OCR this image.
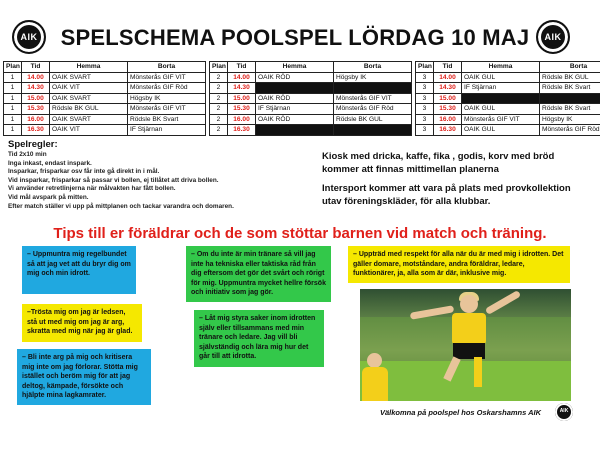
AIK SPELSCHEMA POOLSPEL LÖRDAG 10 MAJ	AIK
Plan	Tid	Hemma	Borta		Plan	Tid	Hemma	Borta		Plan	Tid	Hemma	Borta
1	14.00	OAIK SVART	Mönsterås GIF VIT		2	14.00	OAIK RÖD	Högsby IK		3	14.00	OAIK GUL	Rödsle BK GUL
1	14.30	OAIK VIT	Mönsterås GIF Röd		2	14.30				3	14.30	IF Stjärnan	Rödsle BK Svart
1	15.00	OAIK SVART	Högsby IK		2	15.00	OAIK RÖD	Mönsterås GIF VIT		3	15.00		
1	15.30	Rödsle BK GUL	Mönsterås GIF VIT		2	15.30	IF Stjärnan	Mönsterås GIF Röd		3	15.30	OAIK GUL	Rödsle BK Svart
1	16.00	OAIK SVART	Rödsle BK Svart		2	16.00	OAIK RÖD	Rödsle BK GUL		3	16.00	Mönsterås GIF VIT	Högsby IK
1	16.30	OAIK VIT	IF Stjärnan		2	16.30				3	16.30	OAIK GUL	Mönsterås GIF Röd
Spelregler:
Tid 2x10 min
Inga inkast, endast inspark.
Insparkar, frisparkar osv får inte gå direkt in i mål.
Vid insparkar, frisparkar så passar vi bollen, ej tillåtet att driva bollen.
Vi använder retretlinjerna när målvakten har fått bollen.
Vid mål avspark på mitten.
Efter match ställer vi upp på mittplanen och tackar varandra och domaren.

Kiosk med dricka, kaffe, fika , godis, korv med bröd kommer att finnas mittimellan planerna

Intersport kommer att vara på plats med provkollektion utav föreningskläder, för alla klubbar.

Tips till er föräldrar och de som stöttar barnen vid match och träning.
– Uppmuntra mig regelbundet så att jag vet att du bryr dig om mig och min idrott.
–Trösta mig om jag är ledsen, stå ut med mig om jag är arg, skratta med mig när jag är glad.
– Bli inte arg på mig och kritisera mig inte om jag förlorar. Stötta mig istället och beröm mig för att jag deltog, kämpade, försökte och hjälpte mina lagkamrater.
– Om du inte är min tränare så vill jag inte ha tekniska eller taktiska råd från dig eftersom det gör det svårt och rörigt för mig. Uppmuntra mycket hellre försök och initiativ som jag gör.
– Låt mig styra saker inom idrotten själv eller tillsammans med min tränare och ledare. Jag vill bli självständig och lära mig hur det går till att idrotta.
– Uppträd med respekt för alla när du är med mig i idrotten. Det gäller domare, motståndare, andra föräldrar, ledare, funktionärer, ja, alla som är där, inklusive mig.
Välkomna på poolspel hos Oskarshamns AIK	AIK
